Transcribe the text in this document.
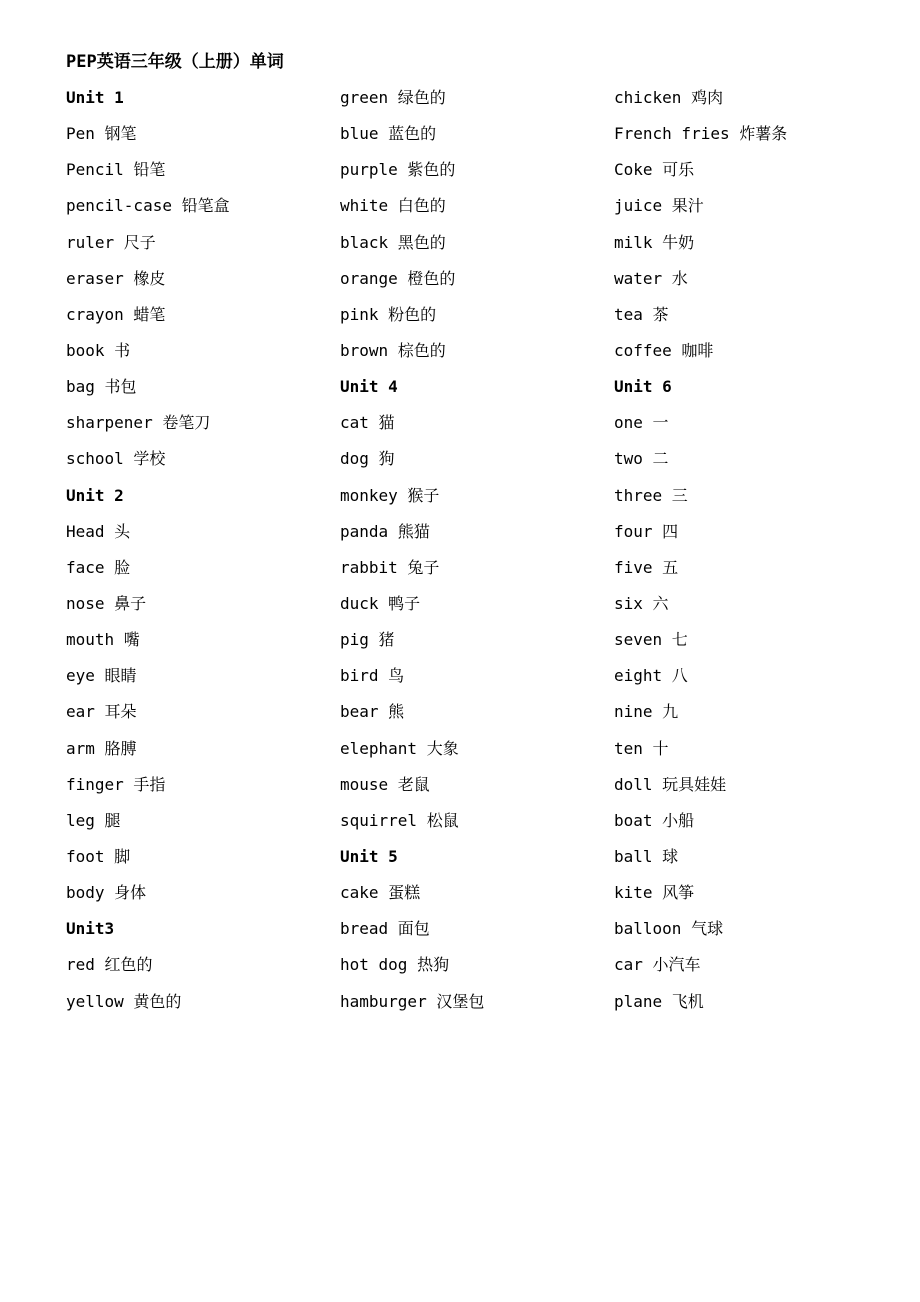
PEP英语三年级（上册）单词
Unit 1
Pen 钢笔
Pencil 铅笔
pencil-case 铅笔盒
ruler 尺子
eraser 橡皮
crayon 蜡笔
book 书
bag 书包
sharpener 卷笔刀
school 学校
Unit 2
Head 头
face 脸
nose 鼻子
mouth 嘴
eye 眼睛
ear 耳朵
arm 胳膊
finger 手指
leg 腿
foot 脚
body 身体
Unit3
red 红色的
yellow 黄色的
green 绿色的
blue 蓝色的
purple 紫色的
white 白色的
black 黑色的
orange 橙色的
pink 粉色的
brown 棕色的
Unit 4
cat 猫
dog 狗
monkey 猴子
panda 熊猫
rabbit 兔子
duck 鸭子
pig 猪
bird 鸟
bear 熊
elephant 大象
mouse 老鼠
squirrel 松鼠
Unit 5
cake 蛋糕
bread 面包
hot dog 热狗
hamburger 汉堡包
chicken 鸡肉
French fries 炸薯条
Coke 可乐
juice 果汁
milk 牛奶
water 水
tea 茶
coffee 咖啡
Unit 6
one 一
two 二
three 三
four 四
five 五
six 六
seven 七
eight 八
nine 九
ten 十
doll 玩具娃娃
boat 小船
ball 球
kite 风筝
balloon 气球
car 小汽车
plane 飞机
